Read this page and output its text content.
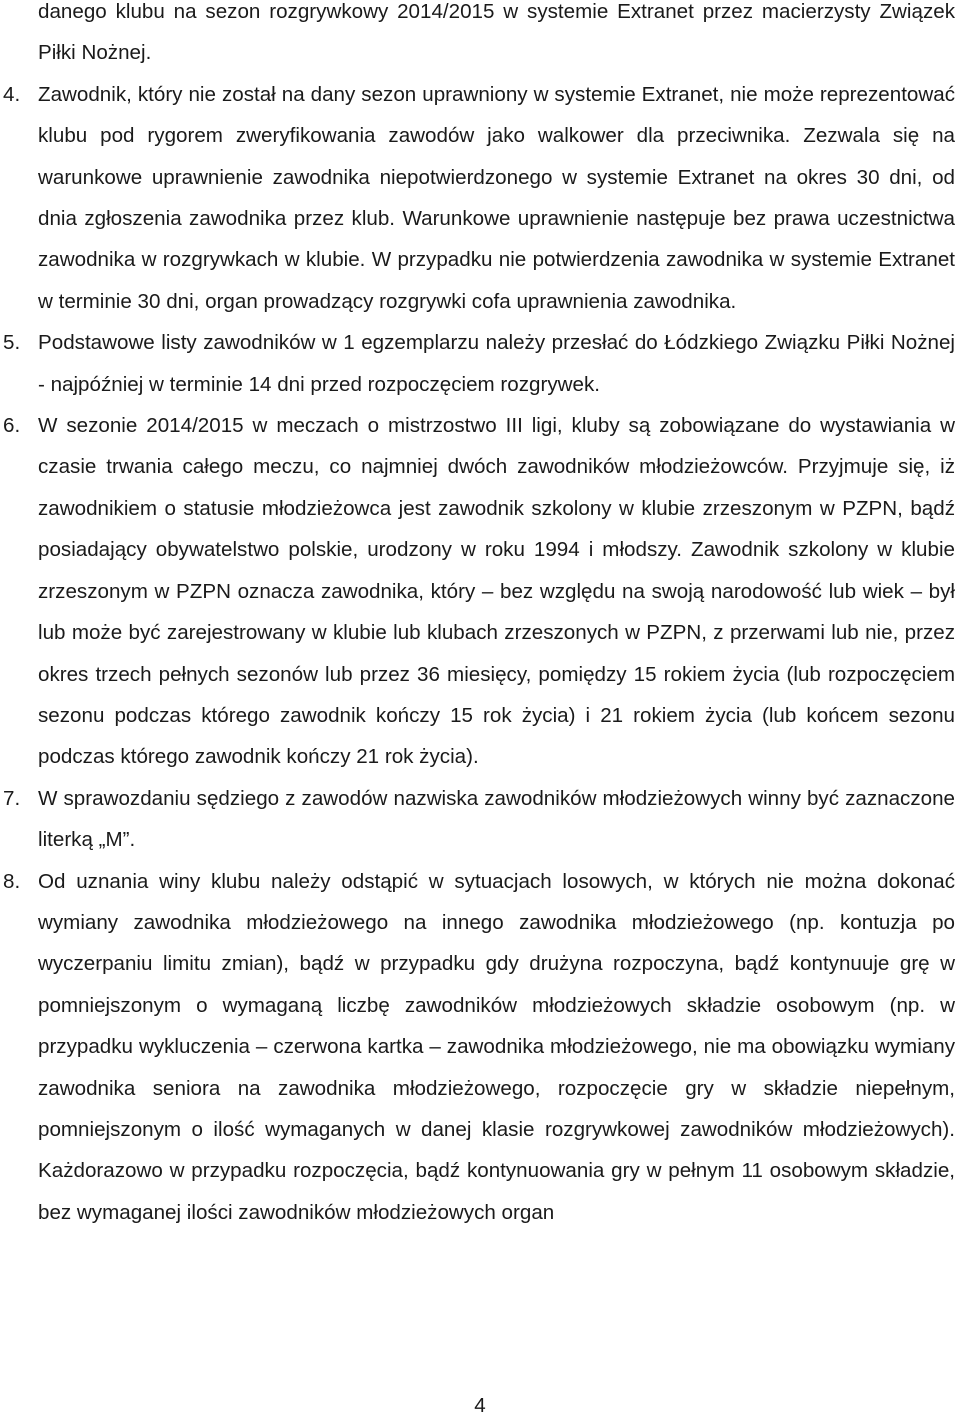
danego klubu na sezon rozgrywkowy 2014/2015 w systemie Extranet przez macierzysty Związek Piłki Nożnej.
4. Zawodnik, który nie został na dany sezon uprawniony w systemie Extranet, nie może reprezentować klubu pod rygorem zweryfikowania zawodów jako walkower dla przeciwnika. Zezwala się na warunkowe uprawnienie zawodnika niepotwierdzonego w systemie Extranet na okres 30 dni, od dnia zgłoszenia zawodnika przez klub. Warunkowe uprawnienie następuje bez prawa uczestnictwa zawodnika w rozgrywkach w klubie. W przypadku nie potwierdzenia zawodnika w systemie Extranet w terminie 30 dni, organ prowadzący rozgrywki cofa uprawnienia zawodnika.
5. Podstawowe listy zawodników w 1 egzemplarzu należy przesłać do Łódzkiego Związku Piłki Nożnej - najpóźniej w terminie 14 dni przed rozpoczęciem rozgrywek.
6. W sezonie 2014/2015 w meczach o mistrzostwo III ligi, kluby są zobowiązane do wystawiania w czasie trwania całego meczu, co najmniej dwóch zawodników młodzieżowców. Przyjmuje się, iż zawodnikiem o statusie młodzieżowca jest zawodnik szkolony w klubie zrzeszonym w PZPN, bądź posiadający obywatelstwo polskie, urodzony w roku 1994 i młodszy. Zawodnik szkolony w klubie zrzeszonym w PZPN oznacza zawodnika, który – bez względu na swoją narodowość lub wiek – był lub może być zarejestrowany w klubie lub klubach zrzeszonych w PZPN, z przerwami lub nie, przez okres trzech pełnych sezonów lub przez 36 miesięcy, pomiędzy 15 rokiem życia (lub rozpoczęciem sezonu podczas którego zawodnik kończy 15 rok życia) i 21 rokiem życia (lub końcem sezonu podczas którego zawodnik kończy 21 rok życia).
7. W sprawozdaniu sędziego z zawodów nazwiska zawodników młodzieżowych winny być zaznaczone literką „M”.
8. Od uznania winy klubu należy odstąpić w sytuacjach losowych, w których nie można dokonać wymiany zawodnika młodzieżowego na innego zawodnika młodzieżowego (np. kontuzja po wyczerpaniu limitu zmian), bądź w przypadku gdy drużyna rozpoczyna, bądź kontynuuje grę w pomniejszonym o wymaganą liczbę zawodników młodzieżowych składzie osobowym (np. w przypadku wykluczenia – czerwona kartka – zawodnika młodzieżowego, nie ma obowiązku wymiany zawodnika seniora na zawodnika młodzieżowego, rozpoczęcie gry w składzie niepełnym, pomniejszonym o ilość wymaganych w danej klasie rozgrywkowej zawodników młodzieżowych). Każdorazowo w przypadku rozpoczęcia, bądź kontynuowania gry w pełnym 11 osobowym składzie, bez wymaganej ilości zawodników młodzieżowych organ
4
